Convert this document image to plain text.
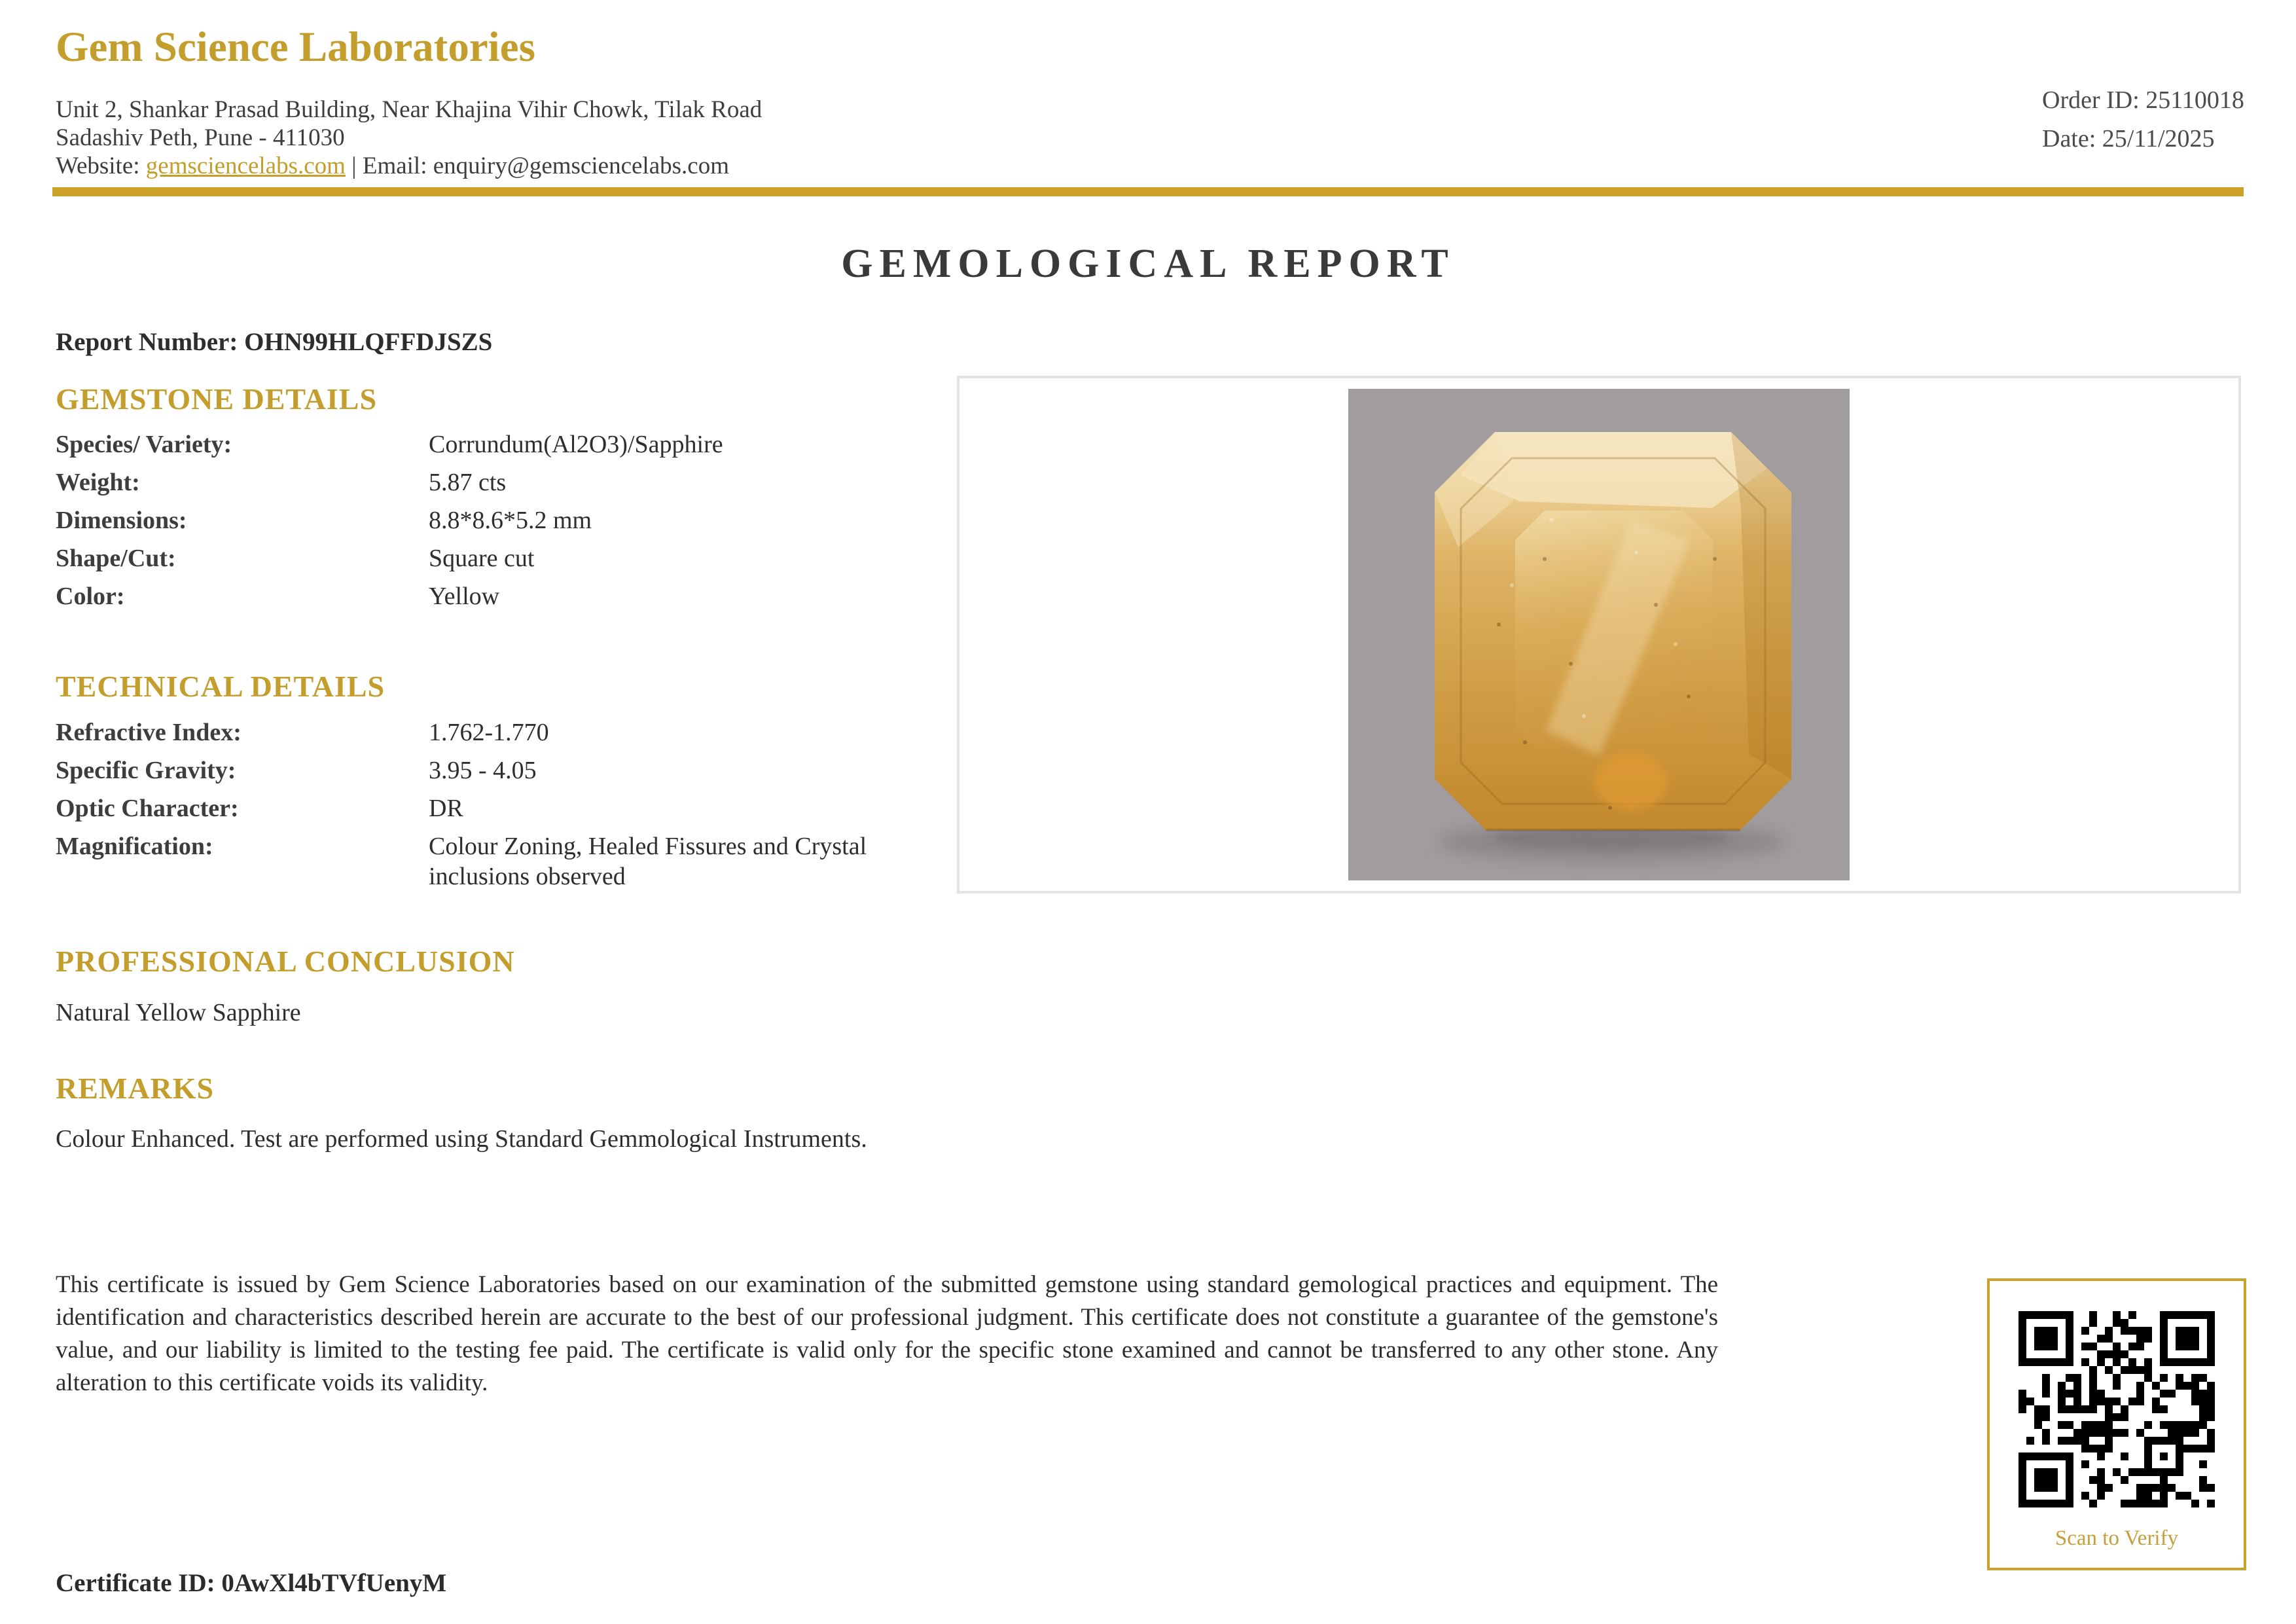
Gem Science Laboratories
Unit 2, Shankar Prasad Building, Near Khajina Vihir Chowk, Tilak Road
Sadashiv Peth, Pune - 411030
Website: gemsciencelabs.com | Email: enquiry@gemsciencelabs.com
Order ID: 25110018
Date: 25/11/2025
GEMOLOGICAL REPORT
Report Number: OHN99HLQFFDJSZS
GEMSTONE DETAILS
Species/ Variety:	Corrundum(Al2O3)/Sapphire
Weight:	5.87 cts
Dimensions:	8.8*8.6*5.2 mm
Shape/Cut:	Square cut
Color:	Yellow
TECHNICAL DETAILS
Refractive Index:	1.762-1.770
Specific Gravity:	3.95 - 4.05
Optic Character:	DR
Magnification:	Colour Zoning, Healed Fissures and Crystal inclusions observed
PROFESSIONAL CONCLUSION
Natural Yellow Sapphire
REMARKS
Colour Enhanced. Test are performed using Standard Gemmological Instruments.
This certificate is issued by Gem Science Laboratories based on our examination of the submitted gemstone using standard gemological practices and equipment. The identification and characteristics described herein are accurate to the best of our professional judgment. This certificate does not constitute a guarantee of the gemstone's value, and our liability is limited to the testing fee paid. The certificate is valid only for the specific stone examined and cannot be transferred to any other stone. Any alteration to this certificate voids its validity.
Certificate ID: 0AwXl4bTVfUenyM
Scan to Verify
